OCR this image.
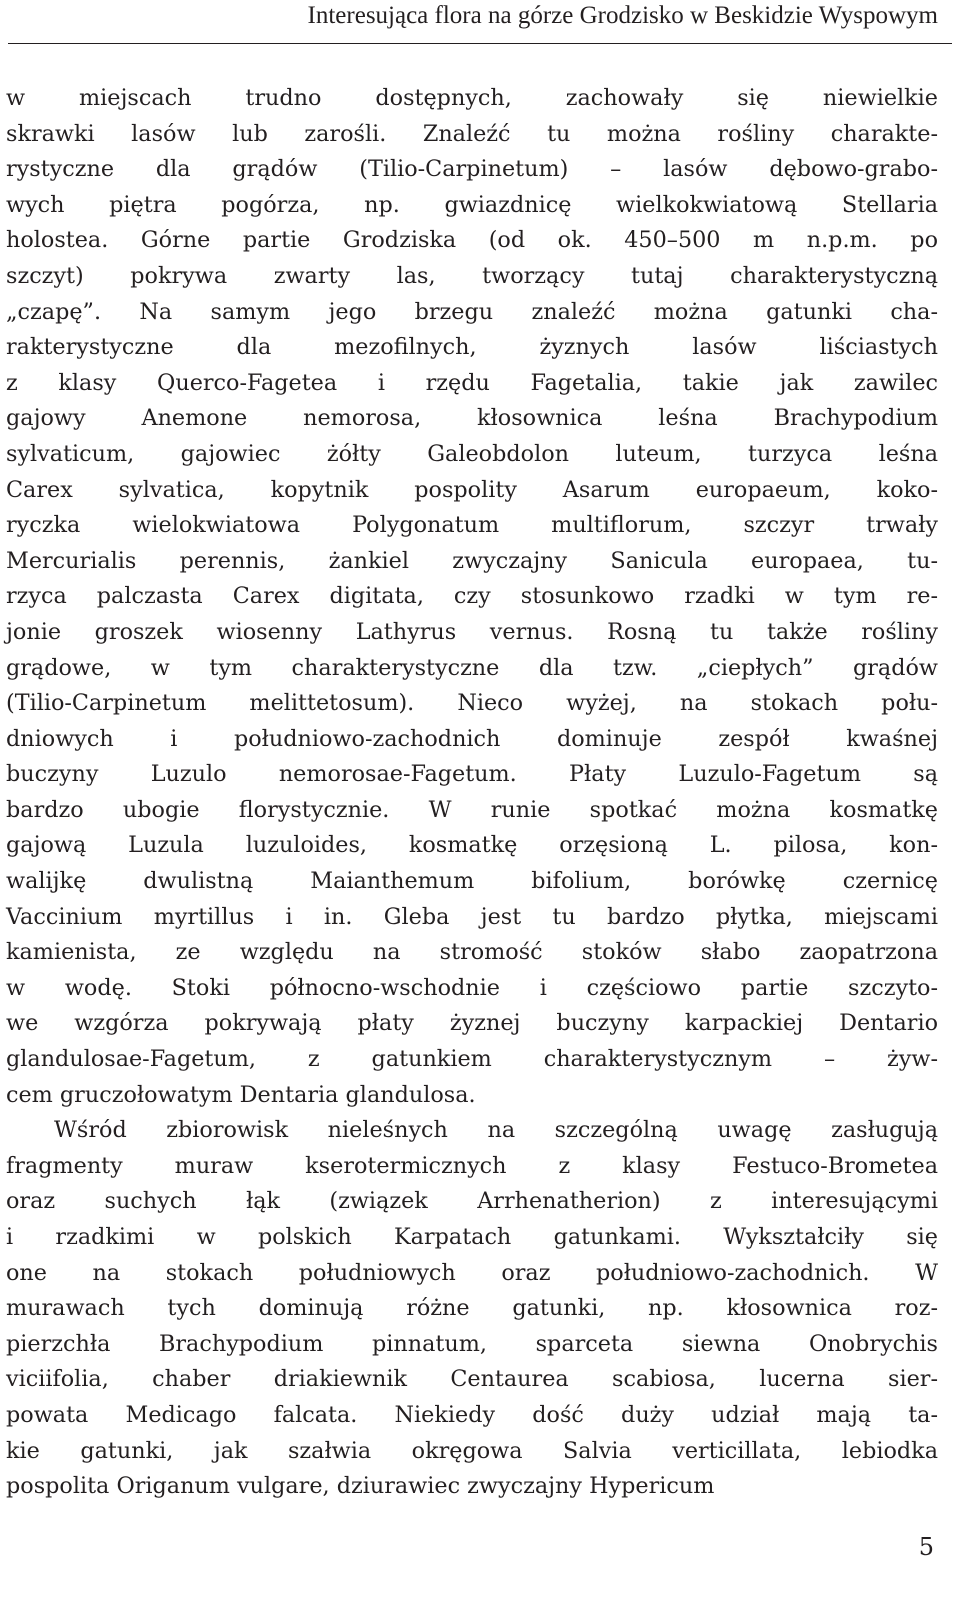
Interesująca flora na górze Grodzisko w Beskidzie Wyspowym
w miejscach trudno dostępnych, zachowały się niewielkie
skrawki lasów lub zarośli. Znaleźć tu można rośliny charakte-
rystyczne dla grądów (Tilio-Carpinetum) – lasów dębowo-grabo-
wych piętra pogórza, np. gwiazdnicę wielkokwiatową Stellaria
holostea. Górne partie Grodziska (od ok. 450–500 m n.p.m. po
szczyt) pokrywa zwarty las, tworzący tutaj charakterystyczną
„czapę”. Na samym jego brzegu znaleźć można gatunki cha-
rakterystyczne dla mezofilnych, żyznych lasów liściastych
z klasy Querco-Fagetea i rzędu Fagetalia, takie jak zawilec
gajowy Anemone nemorosa, kłosownica leśna Brachypodium
sylvaticum, gajowiec żółty Galeobdolon luteum, turzyca leśna
Carex sylvatica, kopytnik pospolity Asarum europaeum, koko-
ryczka wielokwiatowa Polygonatum multiflorum, szczyr trwały
Mercurialis perennis, żankiel zwyczajny Sanicula europaea, tu-
rzyca palczasta Carex digitata, czy stosunkowo rzadki w tym re-
jonie groszek wiosenny Lathyrus vernus. Rosną tu także rośliny
grądowe, w tym charakterystyczne dla tzw. „ciepłych” grądów
(Tilio-Carpinetum melittetosum). Nieco wyżej, na stokach połu-
dniowych i południowo-zachodnich dominuje zespół kwaśnej
buczyny Luzulo nemorosae-Fagetum. Płaty Luzulo-Fagetum są
bardzo ubogie florystycznie. W runie spotkać można kosmatkę
gajową Luzula luzuloides, kosmatkę orzęsioną L. pilosa, kon-
walijkę dwulistną Maianthemum bifolium, borówkę czernicę
Vaccinium myrtillus i in. Gleba jest tu bardzo płytka, miejscami
kamienista, ze względu na stromość stoków słabo zaopatrzona
w wodę. Stoki północno-wschodnie i częściowo partie szczyto-
we wzgórza pokrywają płaty żyznej buczyny karpackiej Dentario
glandulosae-Fagetum, z gatunkiem charakterystycznym – żyw-
cem gruczołowatym Dentaria glandulosa.
Wśród zbiorowisk nieleśnych na szczególną uwagę zasługują
fragmenty muraw kserotermicznych z klasy Festuco-Brometea
oraz suchych łąk (związek Arrhenatherion) z interesującymi
i rzadkimi w polskich Karpatach gatunkami. Wykształciły się
one na stokach południowych oraz południowo-zachodnich. W
murawach tych dominują różne gatunki, np. kłosownica roz-
pierzchła Brachypodium pinnatum, sparceta siewna Onobrychis
viciifolia, chaber driakiewnik Centaurea scabiosa, lucerna sier-
powata Medicago falcata. Niekiedy dość duży udział mają ta-
kie gatunki, jak szałwia okręgowa Salvia verticillata, lebiodka
pospolita Origanum vulgare, dziurawiec zwyczajny Hypericum
5
